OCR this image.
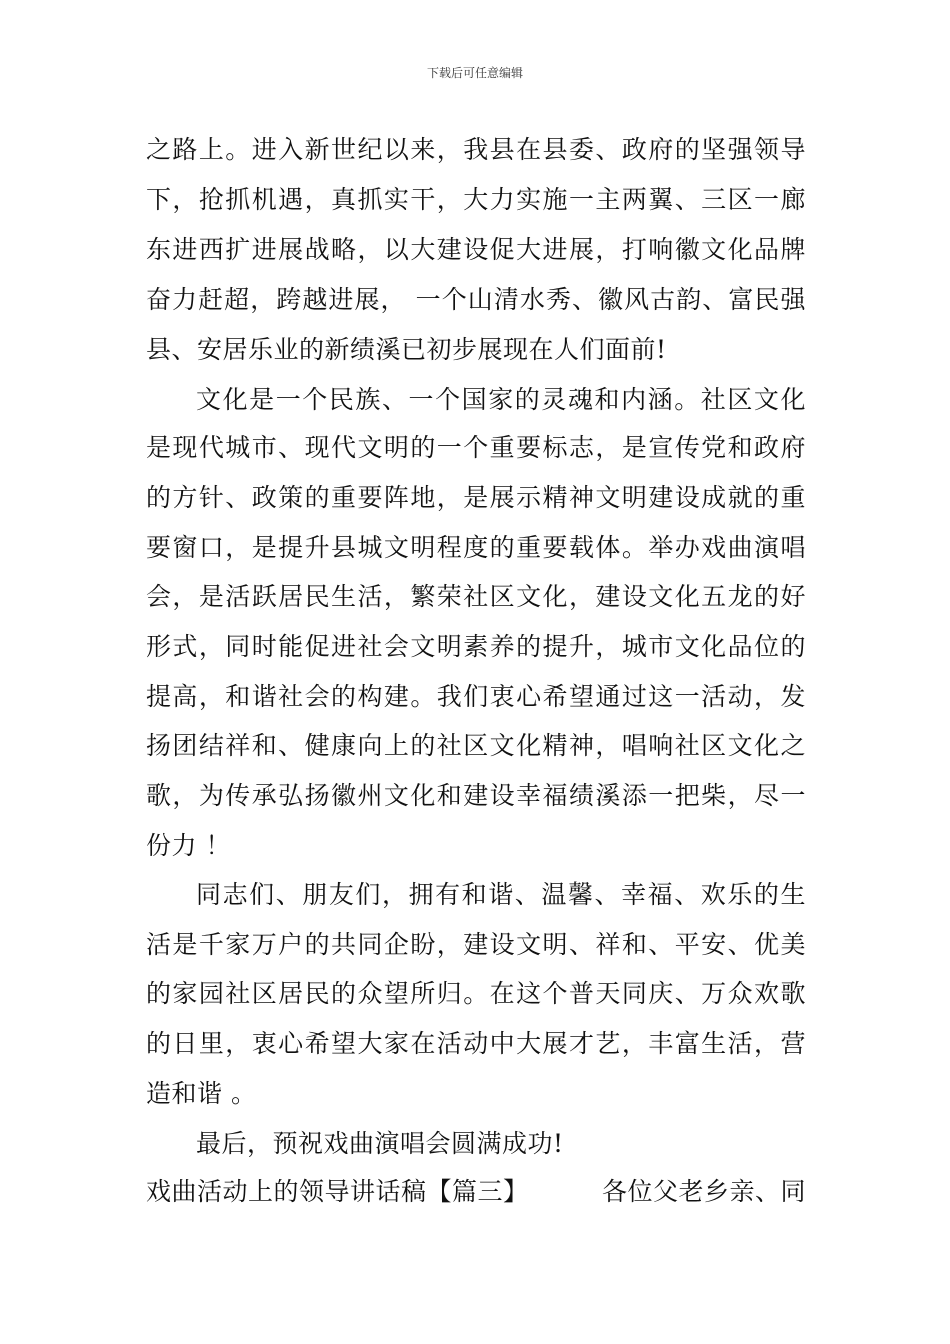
下载后可任意编辑
之路上。进入新世纪以来，我县在县委、政府的坚强领导
下，抢抓机遇，真抓实干，大力实施一主两翼、三区一廊
东进西扩进展战略，以大建设促大进展，打响徽文化品牌
奋力赶超，跨越进展， 一个山清水秀、徽风古韵、富民强
县、安居乐业的新绩溪已初步展现在人们面前!
文化是一个民族、一个国家的灵魂和内涵。社区文化
是现代城市、现代文明的一个重要标志，是宣传党和政府
的方针、政策的重要阵地，是展示精神文明建设成就的重
要窗口，是提升县城文明程度的重要载体。举办戏曲演唱
会，是活跃居民生活，繁荣社区文化，建设文化五龙的好
形式，同时能促进社会文明素养的提升，城市文化品位的
提高，和谐社会的构建。我们衷心希望通过这一活动，发
扬团结祥和、健康向上的社区文化精神，唱响社区文化之
歌，为传承弘扬徽州文化和建设幸福绩溪添一把柴，尽一
份力 ！
同志们、朋友们，拥有和谐、温馨、幸福、欢乐的生
活是千家万户的共同企盼，建设文明、祥和、平安、优美
的家园社区居民的众望所归。在这个普天同庆、万众欢歌
的日里，衷心希望大家在活动中大展才艺，丰富生活，营
造和谐 。
最后，预祝戏曲演唱会圆满成功!
戏曲活动上的领导讲话稿【篇三】	各位父老乡亲、同
